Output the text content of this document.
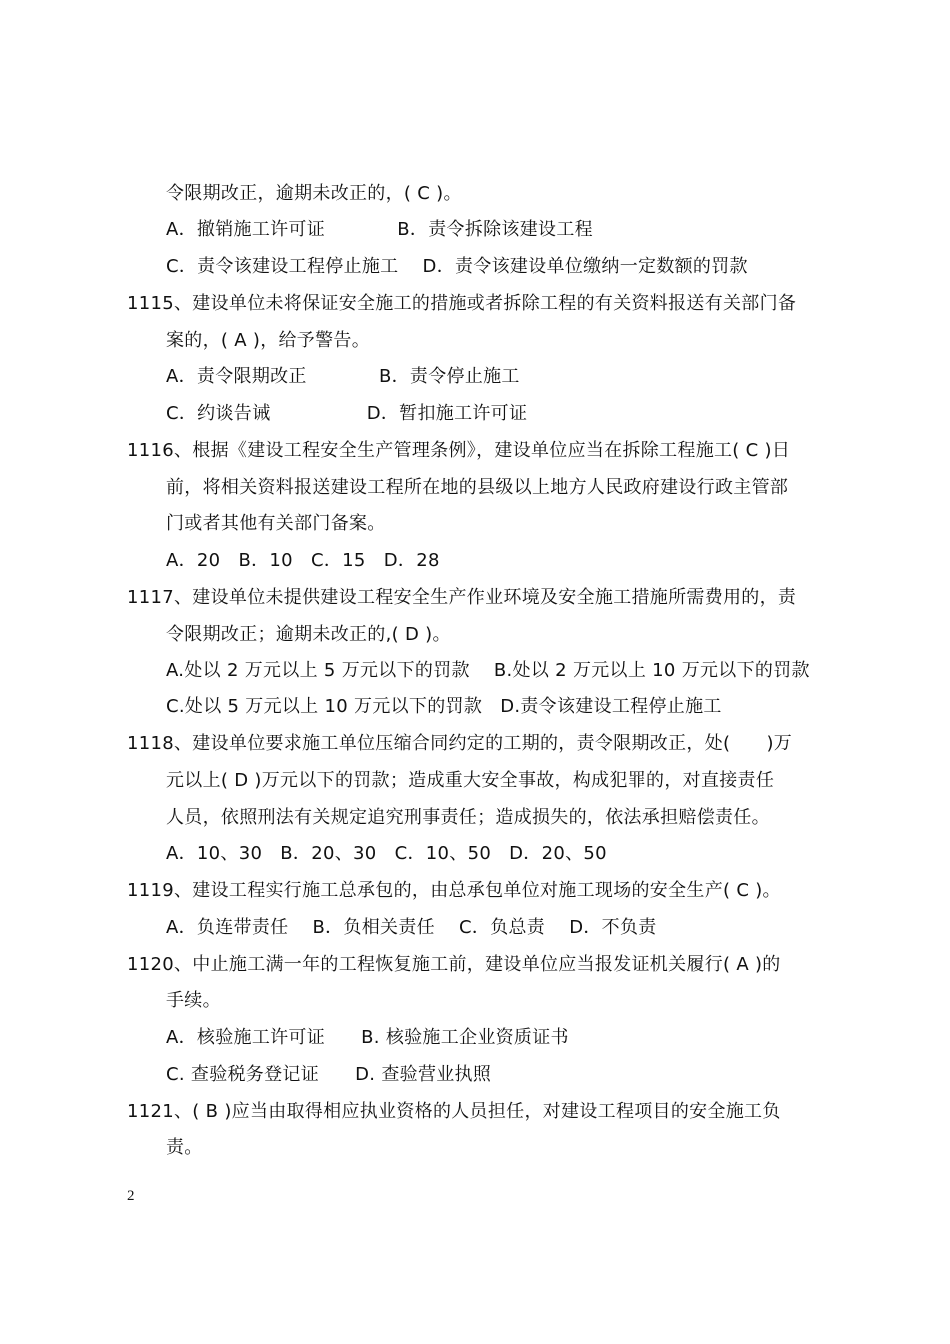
令限期改正，逾期未改正的，( C )。
A．撤销施工许可证            B．责令拆除该建设工程
C．责令该建设工程停止施工    D．责令该建设单位缴纳一定数额的罚款
1115、建设单位未将保证安全施工的措施或者拆除工程的有关资料报送有关部门备
案的，( A )，给予警告。
A．责令限期改正            B．责令停止施工
C．约谈告诫                D．暂扣施工许可证
1116、根据《建设工程安全生产管理条例》，建设单位应当在拆除工程施工( C )日
前，将相关资料报送建设工程所在地的县级以上地方人民政府建设行政主管部
门或者其他有关部门备案。
A．20   B．10   C．15   D．28
1117、建设单位未提供建设工程安全生产作业环境及安全施工措施所需费用的，责
令限期改正；逾期未改正的,( D )。
A.处以 2 万元以上 5 万元以下的罚款    B.处以 2 万元以上 10 万元以下的罚款
C.处以 5 万元以上 10 万元以下的罚款   D.责令该建设工程停止施工
1118、建设单位要求施工单位压缩合同约定的工期的，责令限期改正，处(      )万
元以上( D )万元以下的罚款；造成重大安全事故，构成犯罪的，对直接责任
人员，依照刑法有关规定追究刑事责任；造成损失的，依法承担赔偿责任。
A．10、30   B．20、30   C．10、50   D．20、50
1119、建设工程实行施工总承包的，由总承包单位对施工现场的安全生产( C )。
A．负连带责任    B．负相关责任    C．负总责    D．不负责
1120、中止施工满一年的工程恢复施工前，建设单位应当报发证机关履行( A )的
手续。
A．核验施工许可证      B. 核验施工企业资质证书
C. 查验税务登记证      D. 查验营业执照
1121、( B )应当由取得相应执业资格的人员担任，对建设工程项目的安全施工负
责。
2
